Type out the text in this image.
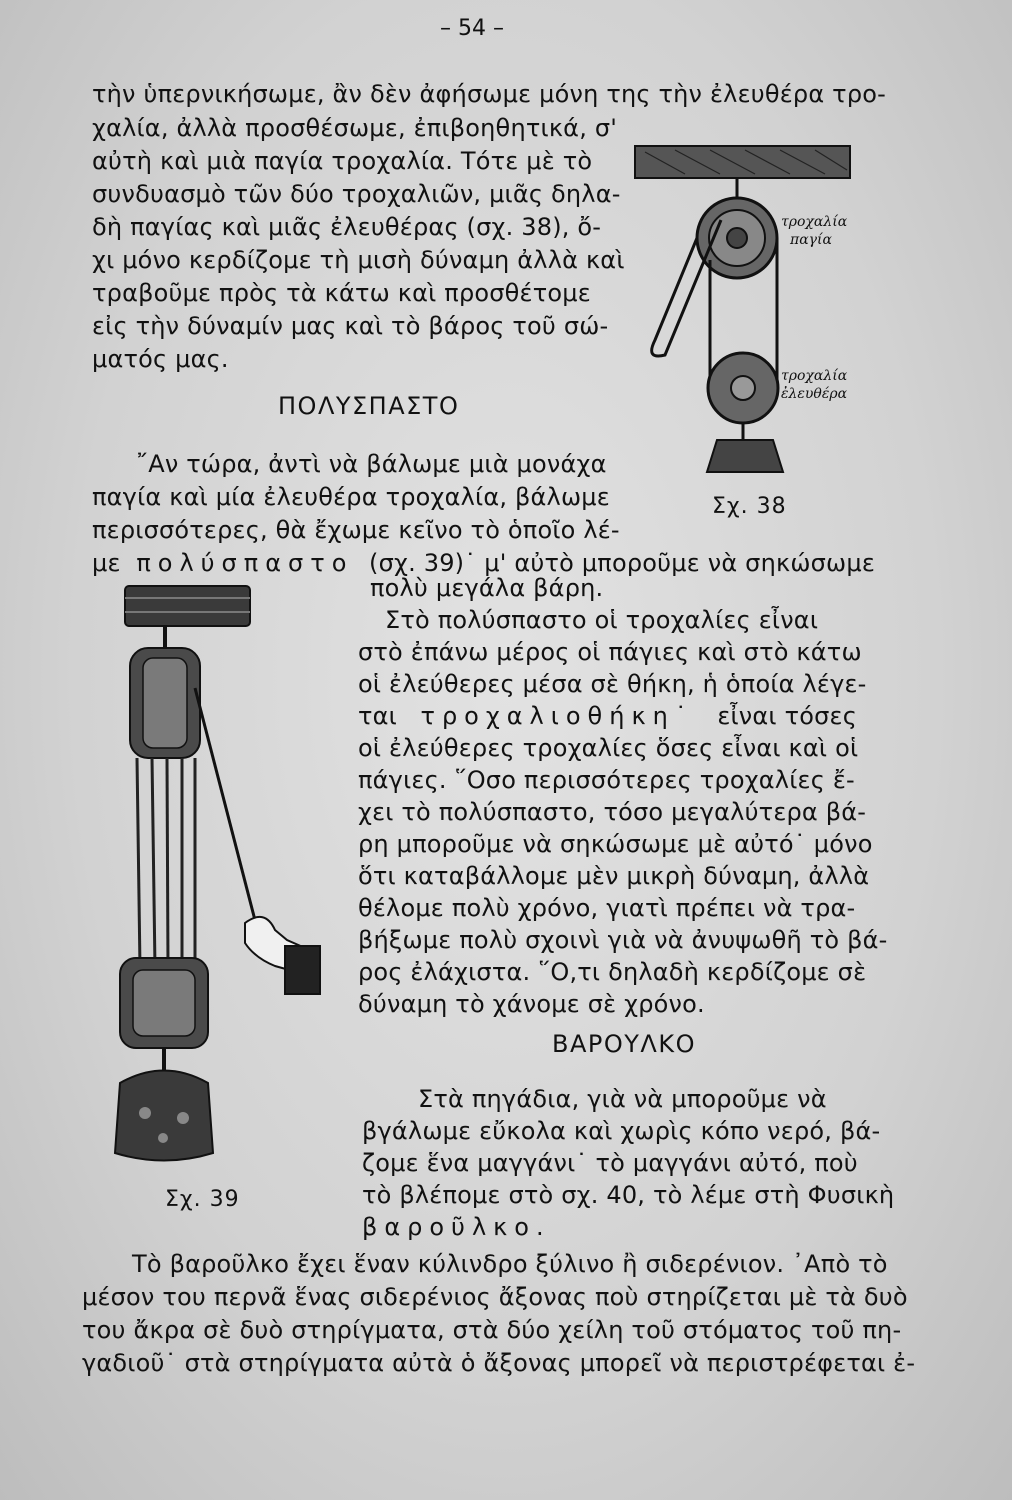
– 54 –
τὴν ὑπερνικήσωμε, ἂν δὲν ἀφήσωμε μόνη της τὴν ἐλευθέρα τρο-
χαλία, ἀλλὰ προσθέσωμε, ἐπιβοηθητικά, σ'
αὐτὴ καὶ μιὰ παγία τροχαλία. Τότε μὲ τὸ
συνδυασμὸ τῶν δύο τροχαλιῶν, μιᾶς δηλα-
δὴ παγίας καὶ μιᾶς ἐλευθέρας (σχ. 38), ὄ-
χι μόνο κερδίζομε τὴ μισὴ δύναμη ἀλλὰ καὶ
τραβοῦμε πρὸς τὰ κάτω καὶ προσθέτομε
εἰς τὴν δύναμίν μας καὶ τὸ βάρος τοῦ σώ-
ματός μας.
ΠΟΛΥΣΠΑΣΤΟ
῎Αν τώρα, ἀντὶ νὰ βάλωμε μιὰ μονάχα
παγία καὶ μία ἐλευθέρα τροχαλία, βάλωμε
περισσότερες, θὰ ἔχωμε κεῖνο τὸ ὁποῖο λέ-
με πολύσπαστο (σχ. 39)˙ μ' αὐτὸ μποροῦμε νὰ σηκώσωμε
πολὺ μεγάλα βάρη.
Στὸ πολύσπαστο οἱ τροχαλίες εἶναι
στὸ ἐπάνω μέρος οἱ πάγιες καὶ στὸ κάτω
οἱ ἐλεύθερες μέσα σὲ θήκη, ἡ ὁποία λέγε-
ται τροχαλιοθήκη˙ εἶναι τόσες
οἱ ἐλεύθερες τροχαλίες ὅσες εἶναι καὶ οἱ
πάγιες. ῞Οσο περισσότερες τροχαλίες ἔ-
χει τὸ πολύσπαστο, τόσο μεγαλύτερα βά-
ρη μποροῦμε νὰ σηκώσωμε μὲ αὐτό˙ μόνο
ὅτι καταβάλλομε μὲν μικρὴ δύναμη, ἀλλὰ
θέλομε πολὺ χρόνο, γιατὶ πρέπει νὰ τρα-
βήξωμε πολὺ σχοινὶ γιὰ νὰ ἀνυψωθῆ τὸ βά-
ρος ἐλάχιστα. ῞Ο,τι δηλαδὴ κερδίζομε σὲ
δύναμη τὸ χάνομε σὲ χρόνο.
ΒΑΡΟΥΛΚΟ
Στὰ πηγάδια, γιὰ νὰ μποροῦμε νὰ
βγάλωμε εὔκολα καὶ χωρὶς κόπο νερό, βά-
ζομε ἕνα μαγγάνι˙ τὸ μαγγάνι αὐτό, ποὺ
τὸ βλέπομε στὸ σχ. 40, τὸ λέμε στὴ Φυσικὴ
βαροῦλκο.
Τὸ βαροῦλκο ἔχει ἕναν κύλινδρο ξύλινο ἢ σιδερένιον. ᾽Απὸ τὸ
μέσον του περνᾶ ἕνας σιδερένιος ἄξονας ποὺ στηρίζεται μὲ τὰ δυὸ
του ἄκρα σὲ δυὸ στηρίγματα, στὰ δύο χείλη τοῦ στόματος τοῦ πη-
γαδιοῦ˙ στὰ στηρίγματα αὐτὰ ὁ ἄξονας μπορεῖ νὰ περιστρέφεται ἐ-
τροχαλία
παγία
τροχαλία
ἐλευθέρα
Σχ. 38
Σχ. 39
